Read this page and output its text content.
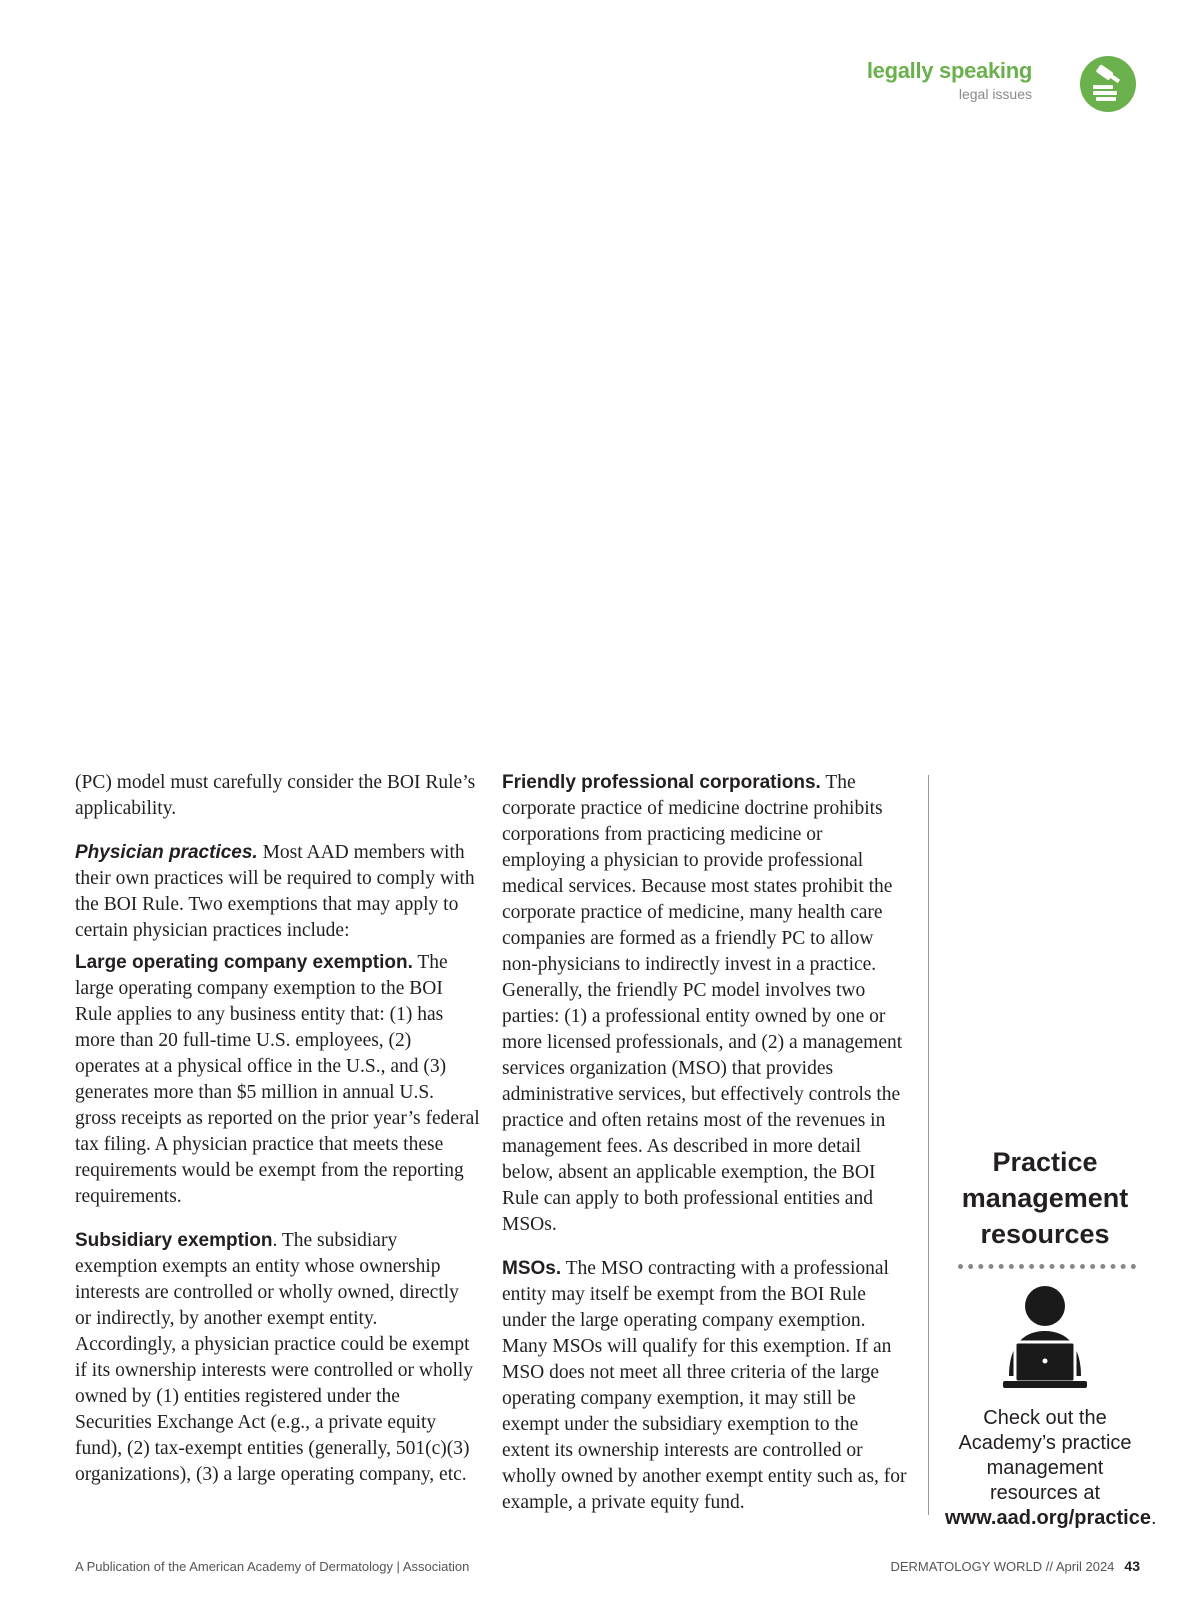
legally speaking
legal issues

(PC) model must carefully consider the BOI Rule’s applicability.

Physician practices. Most AAD members with their own practices will be required to comply with the BOI Rule. Two exemptions that may apply to certain physician practices include:

Large operating company exemption. The large operating company exemption to the BOI Rule applies to any business entity that: (1) has more than 20 full-time U.S. employees, (2) operates at a physical office in the U.S., and (3) generates more than $5 million in annual U.S. gross receipts as reported on the prior year’s federal tax filing. A physician practice that meets these requirements would be exempt from the reporting requirements.

Subsidiary exemption. The subsidiary exemption exempts an entity whose ownership interests are controlled or wholly owned, directly or indirectly, by another exempt entity. Accordingly, a physician practice could be exempt if its ownership interests were controlled or wholly owned by (1) entities registered under the Securities Exchange Act (e.g., a private equity fund), (2) tax-exempt entities (generally, 501(c)(3) organizations), (3) a large operating company, etc.

Friendly professional corporations. The corporate practice of medicine doctrine prohibits corporations from practicing medicine or employing a physician to provide professional medical services. Because most states prohibit the corporate practice of medicine, many health care companies are formed as a friendly PC to allow non-physicians to indirectly invest in a practice. Generally, the friendly PC model involves two parties: (1) a professional entity owned by one or more licensed professionals, and (2) a management services organization (MSO) that provides administrative services, but effectively controls the practice and often retains most of the revenues in management fees. As described in more detail below, absent an applicable exemption, the BOI Rule can apply to both professional entities and MSOs.

MSOs. The MSO contracting with a professional entity may itself be exempt from the BOI Rule under the large operating company exemption. Many MSOs will qualify for this exemption. If an MSO does not meet all three criteria of the large operating company exemption, it may still be exempt under the subsidiary exemption to the extent its ownership interests are controlled or wholly owned by another exempt entity such as, for example, a private equity fund.

Practice management resources
Check out the Academy’s practice management resources at www.aad.org/practice.
A Publication of the American Academy of Dermatology | Association	DERMATOLOGY WORLD // April 2024 43
